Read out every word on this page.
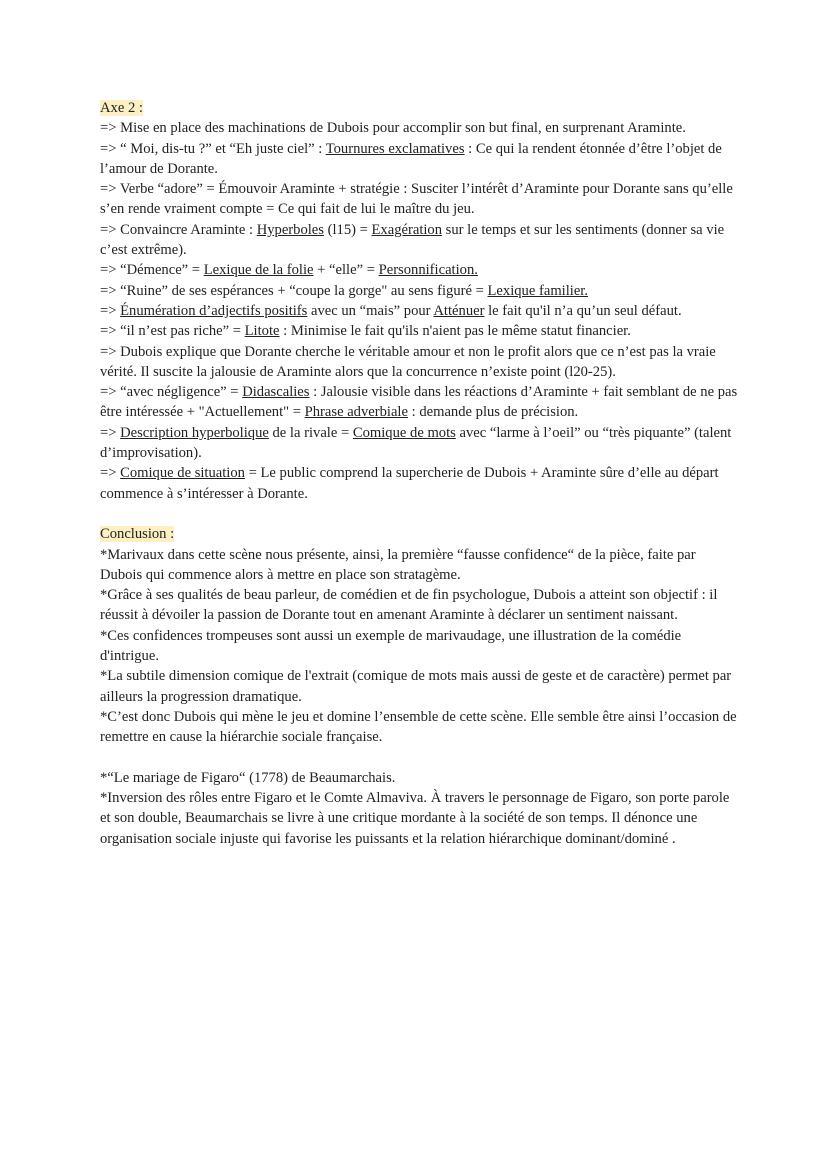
Axe 2 :

=> Mise en place des machinations de Dubois pour accomplir son but final, en surprenant Araminte.

=> “ Moi, dis-tu ?” et “Eh juste ciel” : Tournures exclamatives : Ce qui la rendent étonnée d’être l’objet de l’amour de Dorante.

=> Verbe “adore” = Émouvoir Araminte + stratégie : Susciter l’intérêt d’Araminte pour Dorante sans qu’elle s’en rende vraiment compte = Ce qui fait de lui le maître du jeu.

=> Convaincre Araminte : Hyperboles (l15) = Exagération sur le temps et sur les sentiments (donner sa vie c’est extrême).

=> “Démence” = Lexique de la folie + “elle” = Personnification.

=> “Ruine” de ses espérances + “coupe la gorge" au sens figuré = Lexique familier.

=> Énumération d’adjectifs positifs avec un “mais” pour Atténuer le fait qu'il n’a qu’un seul défaut.

=> “il n’est pas riche” = Litote : Minimise le fait qu'ils n'aient pas le même statut financier.

=> Dubois explique que Dorante cherche le véritable amour et non le profit alors que ce n’est pas la vraie vérité. Il suscite la jalousie de Araminte alors que la concurrence n’existe point (l20-25).

=> “avec négligence” = Didascalies : Jalousie visible dans les réactions d’Araminte + fait semblant de ne pas être intéressée + "Actuellement" = Phrase adverbiale : demande plus de précision.

=> Description hyperbolique de la rivale = Comique de mots avec “larme à l’oeil” ou “très piquante” (talent d’improvisation).

=> Comique de situation = Le public comprend la supercherie de Dubois + Araminte sûre d’elle au départ commence à s’intéresser à Dorante.

Conclusion :

*Marivaux dans cette scène nous présente, ainsi, la première “fausse confidence“ de la pièce, faite par Dubois qui commence alors à mettre en place son stratagème.

*Grâce à ses qualités de beau parleur, de comédien et de fin psychologue, Dubois a atteint son objectif : il réussit à dévoiler la passion de Dorante tout en amenant Araminte à déclarer un sentiment naissant.

*Ces confidences trompeuses sont aussi un exemple de marivaudage, une illustration de la comédie d'intrigue.

*La subtile dimension comique de l'extrait (comique de mots mais aussi de geste et de caractère) permet par ailleurs la progression dramatique.

*C’est donc Dubois qui mène le jeu et domine l’ensemble de cette scène. Elle semble être ainsi l’occasion de remettre en cause la hiérarchie sociale française.

*“Le mariage de Figaro“ (1778) de Beaumarchais.

*Inversion des rôles entre Figaro et le Comte Almaviva. À travers le personnage de Figaro, son porte parole et son double, Beaumarchais se livre à une critique mordante à la société de son temps. Il dénonce une organisation sociale injuste qui favorise les puissants et la relation hiérarchique dominant/dominé .
